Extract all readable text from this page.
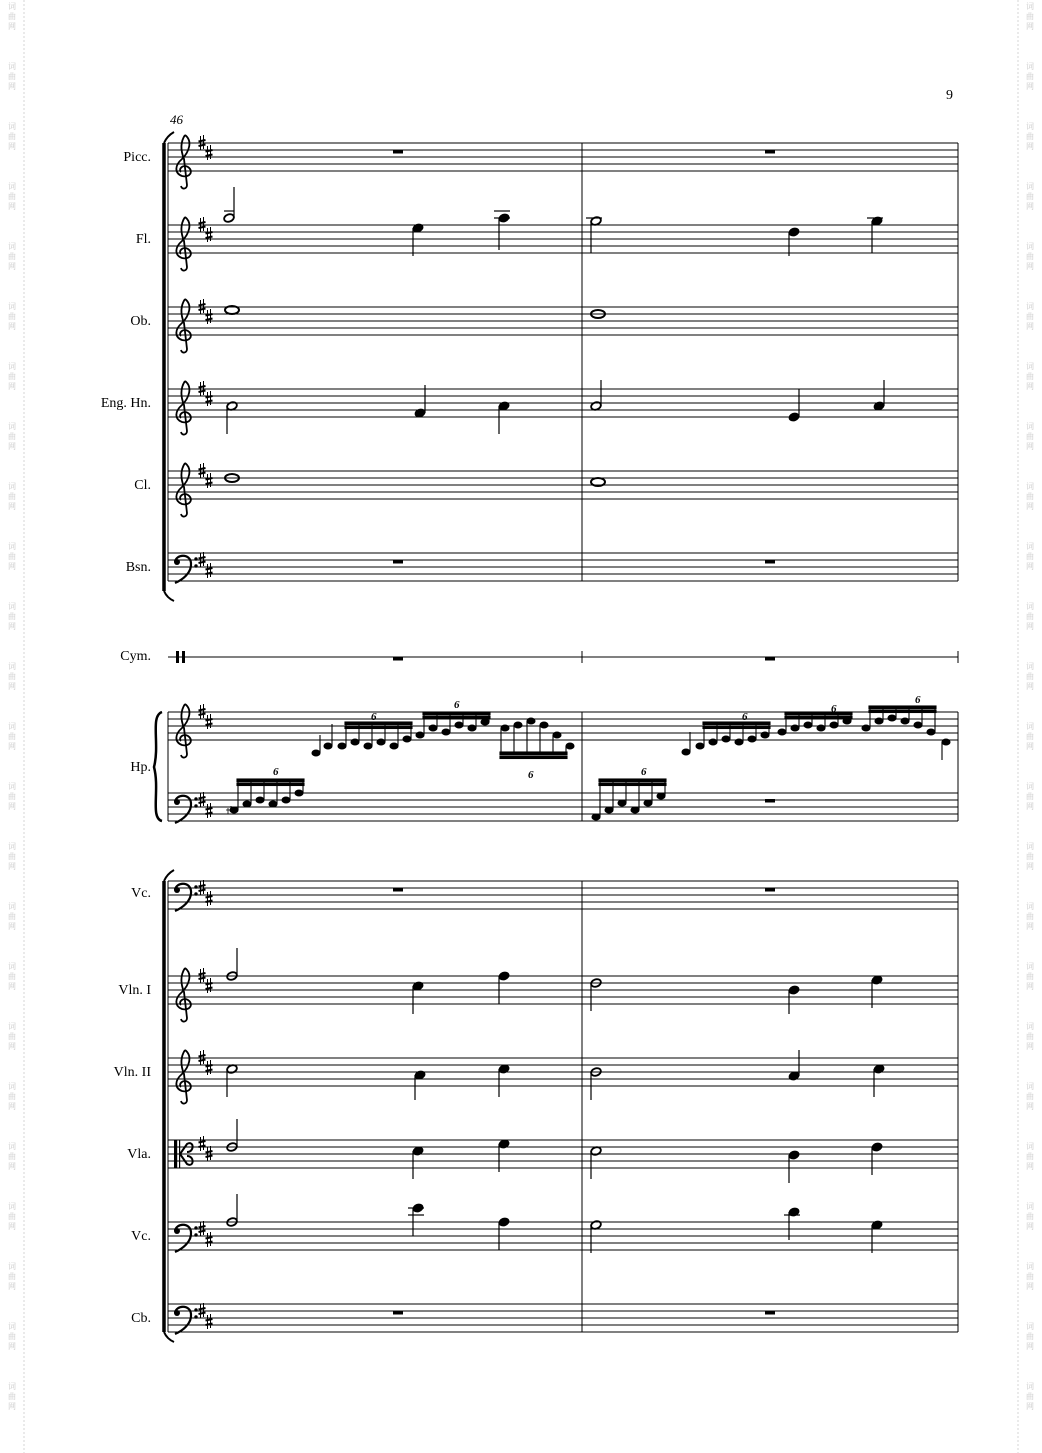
9
46
Picc.
Fl.
Ob.
Eng. Hn.
Cl.
Bsn.
Cym.
Hp.
Vc.
Vln. I
Vln. II
Vla.
Vc.
Cb.
6
6
6
6	6
6
6
6
词
曲
网
词
曲
网
词
曲
网
词
曲
网
词
曲
网
词
曲
网
词
曲
网
词
曲
网
词
曲
网
词
曲
网
词
曲
网
词
曲
网
词
曲
网
词
曲
网
词
曲
网
词
曲
网
词
曲
网
词
曲
网
词
曲
网
词
曲
网
词
曲
网
词
曲
网
词
曲
网
词
曲
网
词
曲
网
词
曲
网
词
曲
网
词
曲
网
词
曲
网
词
曲
网
词
曲
网
词
曲
网
词
曲
网
词
曲
网
词
曲
网
词
曲
网
词
曲
网
词
曲
网
词
曲
网
词
曲
网
词
曲
网
词
曲
网
词
曲
网
词
曲
网
词
曲
网
词
曲
网
词
曲
网
词
曲
网
